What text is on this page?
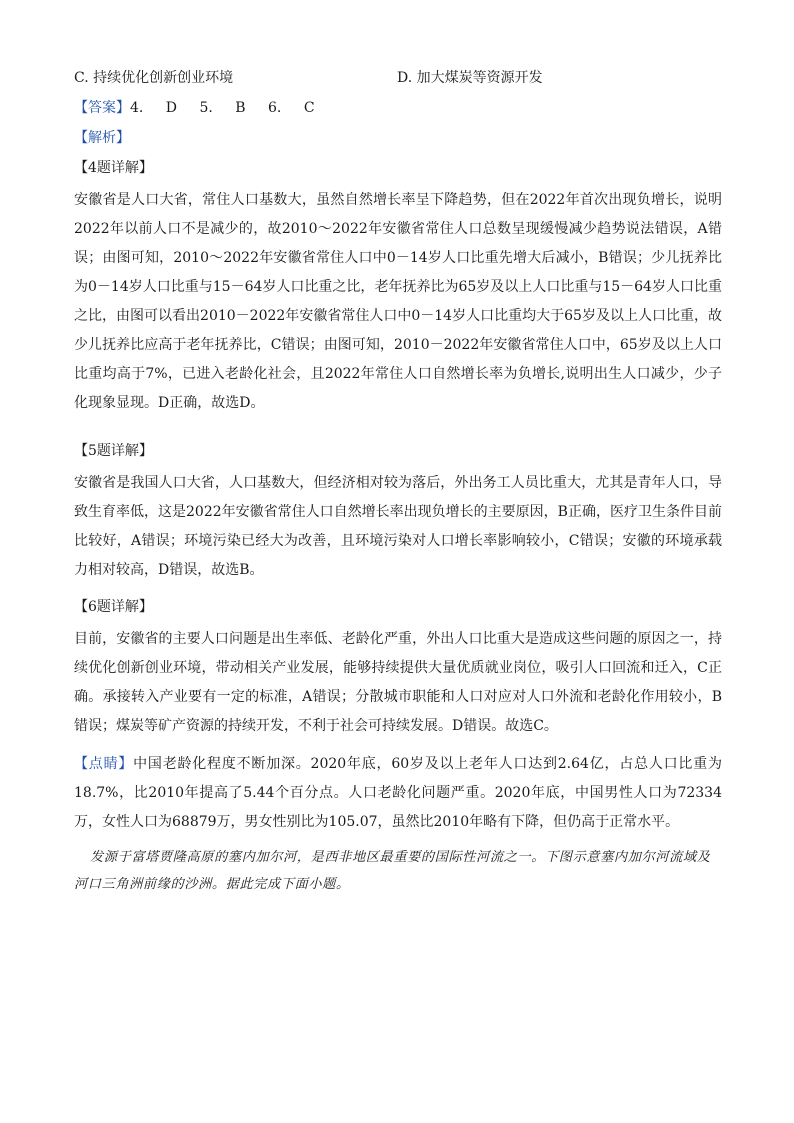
C. 持续优化创新创业环境	D. 加大煤炭等资源开发
【答案】4. D 5. B 6. C
【解析】
【4题详解】
安徽省是人口大省，常住人口基数大，虽然自然增长率呈下降趋势，但在2022年首次出现负增长，说明2022年以前人口不是减少的，故2010～2022年安徽省常住人口总数呈现缓慢减少趋势说法错误，A错误；由图可知，2010～2022年安徽省常住人口中0－14岁人口比重先增大后减小，B错误；少儿抚养比为0－14岁人口比重与15－64岁人口比重之比，老年抚养比为65岁及以上人口比重与15－64岁人口比重之比，由图可以看出2010－2022年安徽省常住人口中0－14岁人口比重均大于65岁及以上人口比重，故少儿抚养比应高于老年抚养比，C错误；由图可知，2010－2022年安徽省常住人口中，65岁及以上人口比重均高于7%，已进入老龄化社会，且2022年常住人口自然增长率为负增长,说明出生人口减少，少子化现象显现。D正确，故选D。
【5题详解】
安徽省是我国人口大省，人口基数大，但经济相对较为落后，外出务工人员比重大，尤其是青年人口，导致生育率低，这是2022年安徽省常住人口自然增长率出现负增长的主要原因，B正确，医疗卫生条件目前比较好，A错误；环境污染已经大为改善，且环境污染对人口增长率影响较小，C错误；安徽的环境承载力相对较高，D错误，故选B。
【6题详解】
目前，安徽省的主要人口问题是出生率低、老龄化严重，外出人口比重大是造成这些问题的原因之一，持续优化创新创业环境，带动相关产业发展，能够持续提供大量优质就业岗位，吸引人口回流和迁入，C正确。承接转入产业要有一定的标准，A错误；分散城市职能和人口对应对人口外流和老龄化作用较小，B错误；煤炭等矿产资源的持续开发，不利于社会可持续发展。D错误。故选C。
【点睛】中国老龄化程度不断加深。2020年底，60岁及以上老年人口达到2.64亿，占总人口比重为18.7%，比2010年提高了5.44个百分点。人口老龄化问题严重。2020年底，中国男性人口为72334万，女性人口为68879万，男女性别比为105.07，虽然比2010年略有下降，但仍高于正常水平。
发源于富塔贾隆高原的塞内加尔河，是西非地区最重要的国际性河流之一。下图示意塞内加尔河流域及河口三角洲前缘的沙洲。据此完成下面小题。
